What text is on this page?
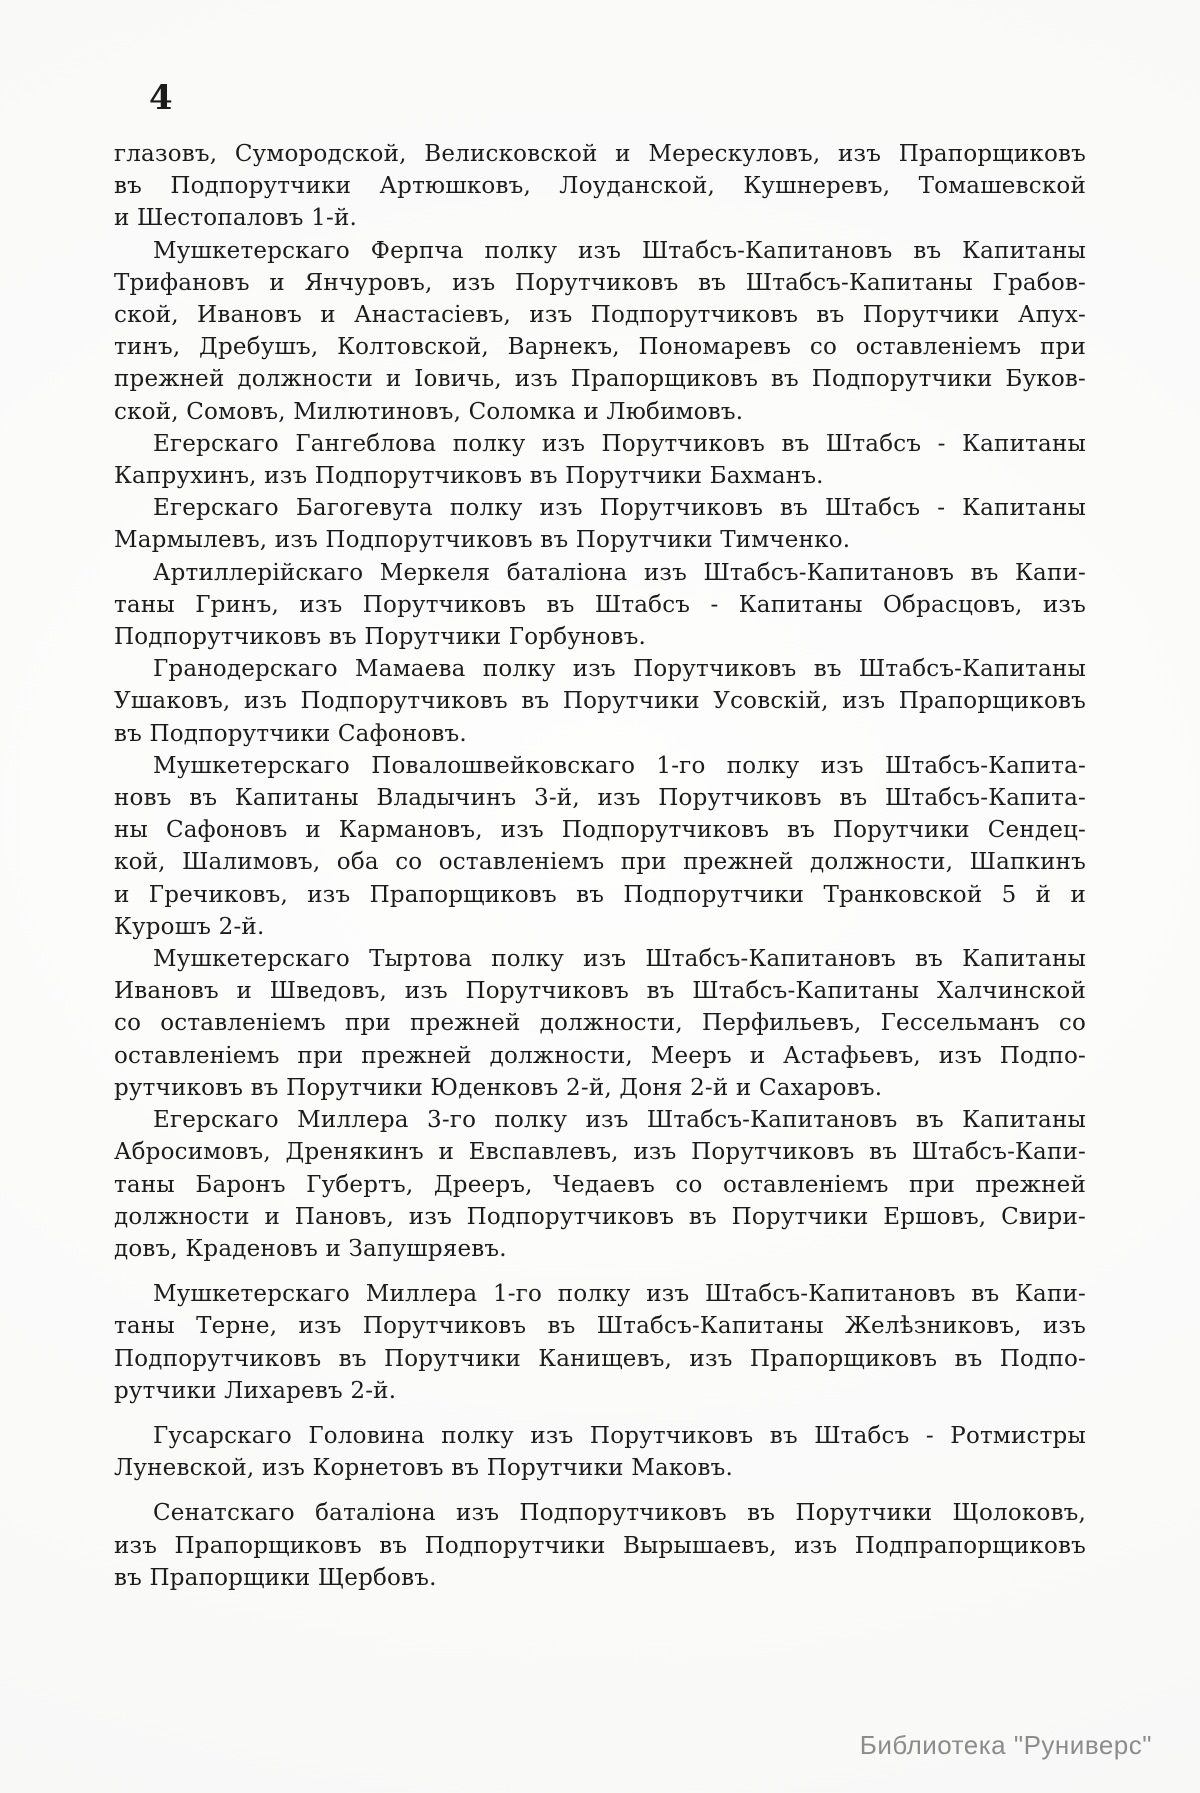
4
глазовъ, Сумородской, Велисковской и Мерескуловъ, изъ Прапорщиковъ
въ Подпорутчики Артюшковъ, Лоуданской, Кушнеревъ, Томашевской
и Шестопаловъ 1-й.
Мушкетерскаго Ферпча полку изъ Штабсъ-Капитановъ въ Капитаны
Трифановъ и Янчуровъ, изъ Порутчиковъ въ Штабсъ-Капитаны Грабов-
ской, Ивановъ и Анастасіевъ, изъ Подпорутчиковъ въ Порутчики Апух-
тинъ, Дребушъ, Колтовской, Варнекъ, Пономаревъ со оставленіемъ при
прежней должности и Іовичь, изъ Прапорщиковъ въ Подпорутчики Буков-
ской, Сомовъ, Милютиновъ, Соломка и Любимовъ.
Егерскаго Гангеблова полку изъ Порутчиковъ въ Штабсъ - Капитаны
Капрухинъ, изъ Подпорутчиковъ въ Порутчики Бахманъ.
Егерскаго Багогевута полку изъ Порутчиковъ въ Штабсъ - Капитаны
Мармылевъ, изъ Подпорутчиковъ въ Порутчики Тимченко.
Артиллерійскаго Меркеля баталіона изъ Штабсъ-Капитановъ въ Капи-
таны Гринъ, изъ Порутчиковъ въ Штабсъ - Капитаны Обрасцовъ, изъ
Подпорутчиковъ въ Порутчики Горбуновъ.
Гранодерскаго Мамаева полку изъ Порутчиковъ въ Штабсъ-Капитаны
Ушаковъ, изъ Подпорутчиковъ въ Порутчики Усовскій, изъ Прапорщиковъ
въ Подпорутчики Сафоновъ.
Мушкетерскаго Повалошвейковскаго 1-го полку изъ Штабсъ-Капита-
новъ въ Капитаны Владычинъ 3-й, изъ Порутчиковъ въ Штабсъ-Капита-
ны Сафоновъ и Кармановъ, изъ Подпорутчиковъ въ Порутчики Сендец-
кой, Шалимовъ, оба со оставленіемъ при прежней должности, Шапкинъ
и Гречиковъ, изъ Прапорщиковъ въ Подпорутчики Транковской 5 й и
Курошъ 2-й.
Мушкетерскаго Тыртова полку изъ Штабсъ-Капитановъ въ Капитаны
Ивановъ и Шведовъ, изъ Порутчиковъ въ Штабсъ-Капитаны Халчинской
со оставленіемъ при прежней должности, Перфильевъ, Гессельманъ со
оставленіемъ при прежней должности, Мееръ и Астафьевъ, изъ Подпо-
рутчиковъ въ Порутчики Юденковъ 2-й, Доня 2-й и Сахаровъ.
Егерскаго Миллера 3-го полку изъ Штабсъ-Капитановъ въ Капитаны
Абросимовъ, Дренякинъ и Евспавлевъ, изъ Порутчиковъ въ Штабсъ-Капи-
таны Баронъ Губертъ, Дрееръ, Чедаевъ со оставленіемъ при прежней
должности и Пановъ, изъ Подпорутчиковъ въ Порутчики Ершовъ, Свири-
довъ, Краденовъ и Запушряевъ.
Мушкетерскаго Миллера 1-го полку изъ Штабсъ-Капитановъ въ Капи-
таны Терне, изъ Порутчиковъ въ Штабсъ-Капитаны Желѣзниковъ, изъ
Подпорутчиковъ въ Порутчики Канищевъ, изъ Прапорщиковъ въ Подпо-
рутчики Лихаревъ 2-й.
Гусарскаго Головина полку изъ Порутчиковъ въ Штабсъ - Ротмистры
Луневской, изъ Корнетовъ въ Порутчики Маковъ.
Сенатскаго баталіона изъ Подпорутчиковъ въ Порутчики Щолоковъ,
изъ Прапорщиковъ въ Подпорутчики Вырышаевъ, изъ Подпрапорщиковъ
въ Прапорщики Щербовъ.
Библиотека "Руниверс"
